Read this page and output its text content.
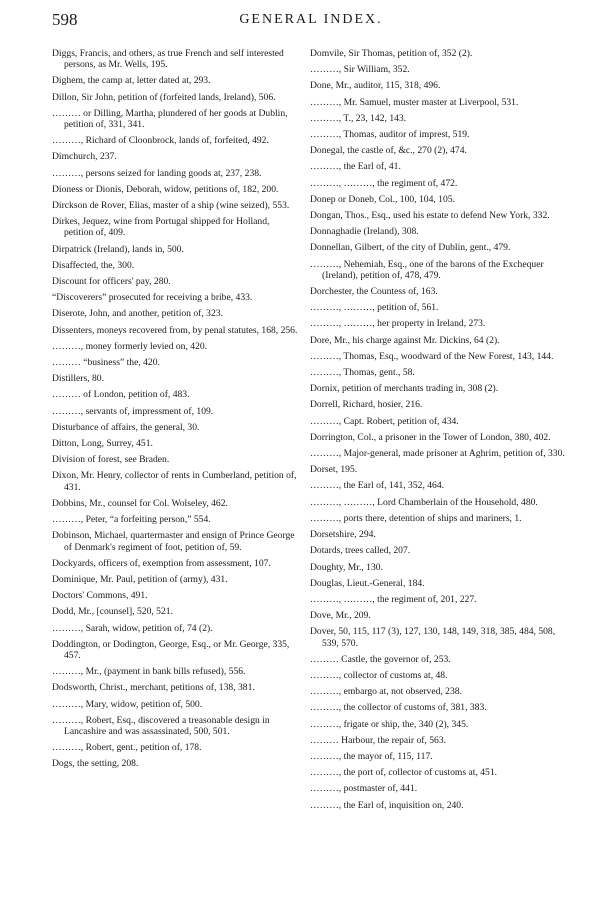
598	GENERAL INDEX.
Diggs, Francis, and others, as true French and self interested persons, as Mr. Wells, 195.
Dighem, the camp at, letter dated at, 293.
Dillon, Sir John, petition of (forfeited lands, Ireland), 506.
……… or Dilling, Martha, plundered of her goods at Dublin, petition of, 331, 341.
………, Richard of Cloonbrock, lands of, forfeited, 492.
Dimchurch, 237.
………, persons seized for landing goods at, 237, 238.
Dioness or Dionis, Deborah, widow, petitions of, 182, 200.
Dirckson de Rover, Elias, master of a ship (wine seized), 553.
Dirkes, Jequez, wine from Portugal shipped for Holland, petition of, 409.
Dirpatrick (Ireland), lands in, 500.
Disaffected, the, 300.
Discount for officers' pay, 280.
“Discoverers” prosecuted for receiving a bribe, 433.
Diserote, John, and another, petition of, 323.
Dissenters, moneys recovered from, by penal statutes, 168, 256.
………, money formerly levied on, 420.
……… “business” the, 420.
Distillers, 80.
……… of London, petition of, 483.
………, servants of, impressment of, 109.
Disturbance of affairs, the general, 30.
Ditton, Long, Surrey, 451.
Division of forest, see Braden.
Dixon, Mr. Henry, collector of rents in Cumberland, petition of, 431.
Dobbins, Mr., counsel for Col. Wolseley, 462.
………, Peter, “a forfeiting person,” 554.
Dobinson, Michael, quartermaster and ensign of Prince George of Denmark's regiment of foot, petition of, 59.
Dockyards, officers of, exemption from assessment, 107.
Dominique, Mr. Paul, petition of (army), 431.
Doctors' Commons, 491.
Dodd, Mr., [counsel], 520, 521.
………, Sarah, widow, petition of, 74 (2).
Doddington, or Dodington, George, Esq., or Mr. George, 335, 457.
………, Mr., (payment in bank bills refused), 556.
Dodsworth, Christ., merchant, petitions of, 138, 381.
………, Mary, widow, petition of, 500.
………, Robert, Esq., discovered a treasonable design in Lancashire and was assassinated, 500, 501.
………, Robert, gent., petition of, 178.
Dogs, the setting, 208.
Domvile, Sir Thomas, petition of, 352 (2).
………, Sir William, 352.
Done, Mr., auditor, 115, 318, 496.
………, Mr. Samuel, muster master at Liverpool, 531.
………, T., 23, 142, 143.
………, Thomas, auditor of imprest, 519.
Donegal, the castle of, &c., 270 (2), 474.
………, the Earl of, 41.
………, ………, the regiment of, 472.
Donep or Doneb, Col., 100, 104, 105.
Dongan, Thos., Esq., used his estate to defend New York, 332.
Donnaghadie (Ireland), 308.
Donnellan, Gilbert, of the city of Dublin, gent., 479.
………, Nehemiah, Esq., one of the barons of the Exchequer (Ireland), petition of, 478, 479.
Dorchester, the Countess of, 163.
………, ………, petition of, 561.
………, ………, her property in Ireland, 273.
Dore, Mr., his charge against Mr. Dickins, 64 (2).
………, Thomas, Esq., woodward of the New Forest, 143, 144.
………, Thomas, gent., 58.
Dornix, petition of merchants trading in, 308 (2).
Dorrell, Richard, hosier, 216.
………, Capt. Robert, petition of, 434.
Dorrington, Col., a prisoner in the Tower of London, 380, 402.
………, Major-general, made prisoner at Aghrim, petition of, 330.
Dorset, 195.
………, the Earl of, 141, 352, 464.
………, ………, Lord Chamberlain of the Household, 480.
………, ports there, detention of ships and mariners, 1.
Dorsetshire, 294.
Dotards, trees called, 207.
Doughty, Mr., 130.
Douglas, Lieut.-General, 184.
………, ………, the regiment of, 201, 227.
Dove, Mr., 209.
Dover, 50, 115, 117 (3), 127, 130, 148, 149, 318, 385, 484, 508, 539, 570.
……… Castle, the governor of, 253.
………, collector of customs at, 48.
………, embargo at, not observed, 238.
………, the collector of customs of, 381, 383.
………, frigate or ship, the, 340 (2), 345.
……… Harbour, the repair of, 563.
………, the mayor of, 115, 117.
………, the port of, collector of customs at, 451.
………, postmaster of, 441.
………, the Earl of, inquisition on, 240.
